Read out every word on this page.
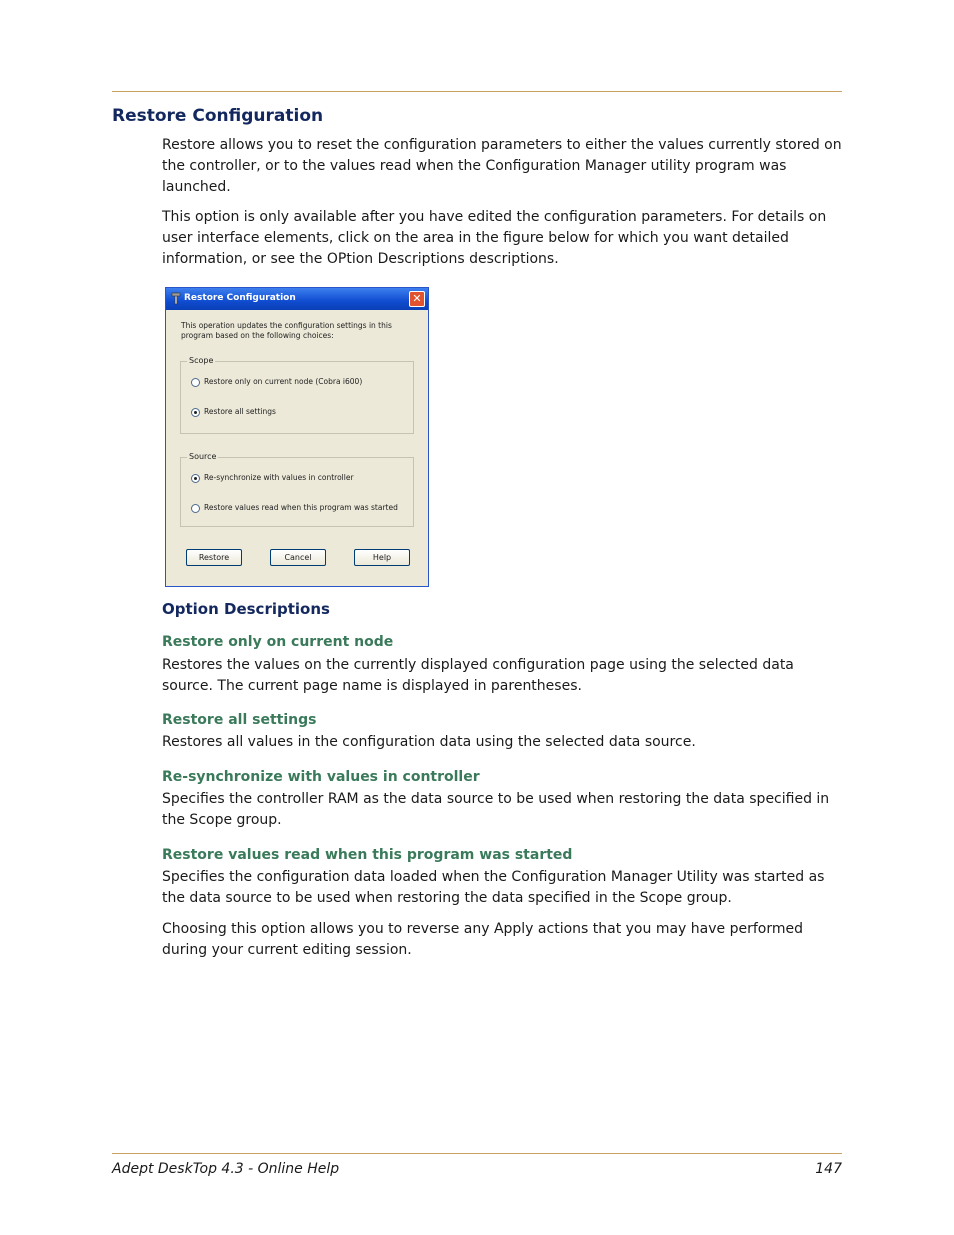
Restore Configuration
Restore allows you to reset the configuration parameters to either the values currently stored on the controller, or to the values read when the Configuration Manager utility program was launched.
This option is only available after you have edited the configuration parameters. For details on user interface elements, click on the area in the figure below for which you want detailed information, or see the OPtion Descriptions descriptions.
Restore Configuration	✕
This operation updates the configuration settings in this program based on the following choices:
Scope
Restore only on current node (Cobra i600)
Restore all settings
Source
Re-synchronize with values in controller
Restore values read when this program was started
Restore	Cancel	Help
Option Descriptions
Restore only on current node
Restores the values on the currently displayed configuration page using the selected data source. The current page name is displayed in parentheses.
Restore all settings
Restores all values in the configuration data using the selected data source.
Re-synchronize with values in controller
Specifies the controller RAM as the data source to be used when restoring the data specified in the Scope group.
Restore values read when this program was started
Specifies the configuration data loaded when the Configuration Manager Utility was started as the data source to be used when restoring the data specified in the Scope group.
Choosing this option allows you to reverse any Apply actions that you may have performed during your current editing session.
Adept DeskTop 4.3 - Online Help	147
